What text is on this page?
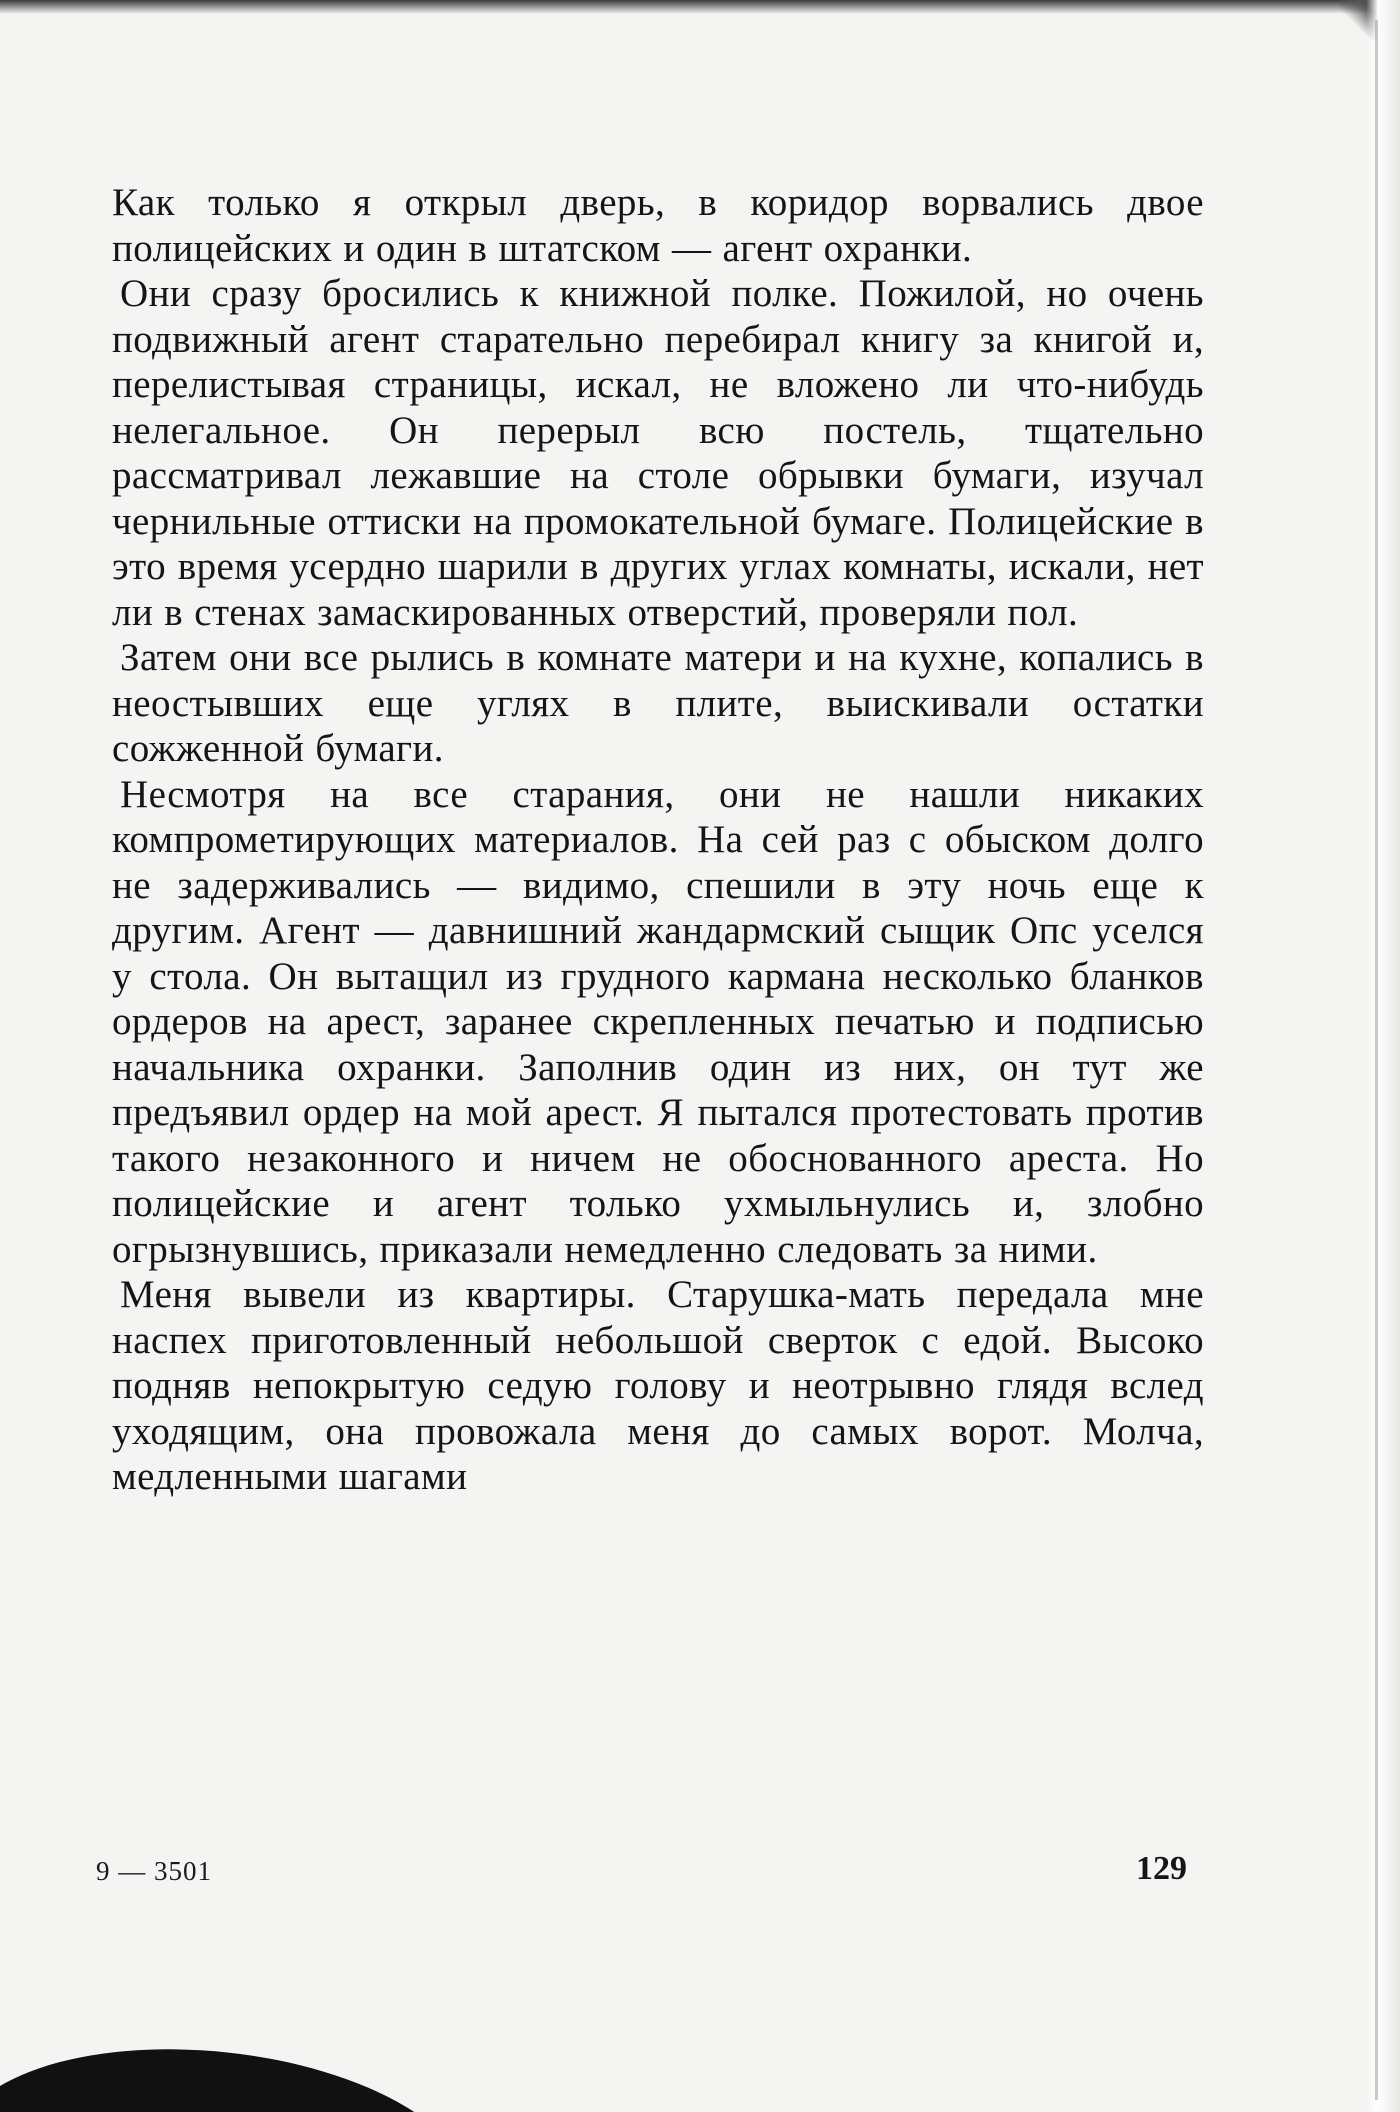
Как только я открыл дверь, в коридор ворвались двое полицейских и один в штатском — агент охранки.

Они сразу бросились к книжной полке. Пожилой, но очень подвижный агент старательно перебирал книгу за книгой и, перелистывая страницы, искал, не вложено ли что-нибудь нелегальное. Он перерыл всю постель, тщательно рассматривал лежавшие на столе обрывки бумаги, изучал чернильные оттиски на промокательной бумаге. Полицейские в это время усердно шарили в других углах комнаты, искали, нет ли в стенах замаскированных отверстий, проверяли пол.

Затем они все рылись в комнате матери и на кухне, копались в неостывших еще углях в плите, выискивали остатки сожженной бумаги.

Несмотря на все старания, они не нашли никаких компрометирующих материалов. На сей раз с обыском долго не задерживались — видимо, спешили в эту ночь еще к другим. Агент — давнишний жандармский сыщик Опс уселся у стола. Он вытащил из грудного кармана несколько бланков ордеров на арест, заранее скрепленных печатью и подписью начальника охранки. Заполнив один из них, он тут же предъявил ордер на мой арест. Я пытался протестовать против такого незаконного и ничем не обоснованного ареста. Но полицейские и агент только ухмыльнулись и, злобно огрызнувшись, приказали немедленно следовать за ними.

Меня вывели из квартиры. Старушка-мать передала мне наспех приготовленный небольшой сверток с едой. Высоко подняв непокрытую седую голову и неотрывно глядя вслед уходящим, она провожала меня до самых ворот. Молча, медленными шагами

9 — 3501	129
